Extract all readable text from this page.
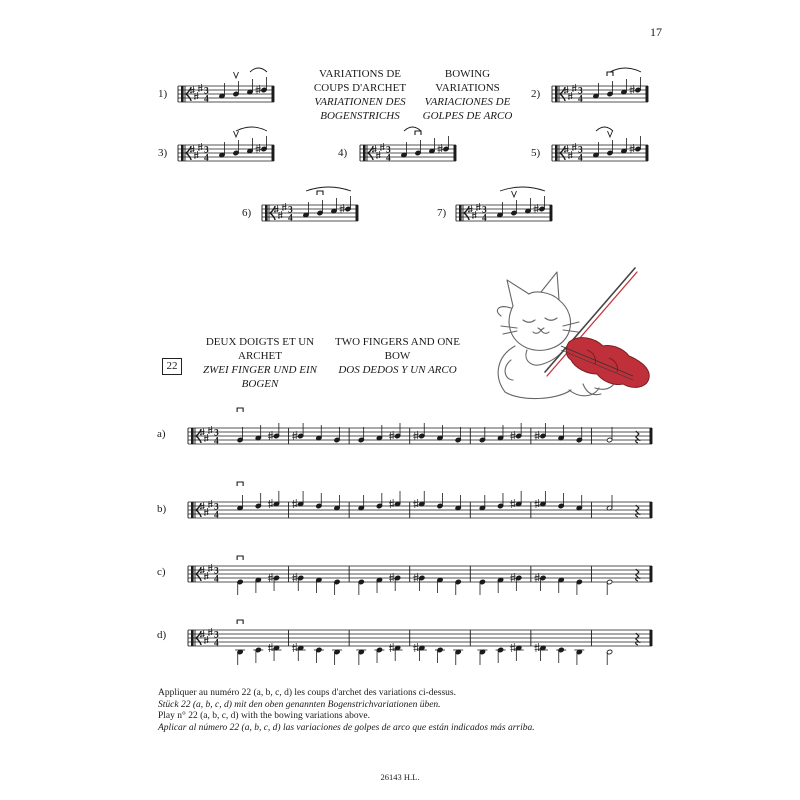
17
VARIATIONS DE COUPS D'ARCHET
VARIATIONEN DES BOGENSTRICHS
BOWING VARIATIONS
VARIACIONES DE GOLPES DE ARCO
1)	2)
3)	4)	5)
6)	7)
3
4
3
4
3
4
3
4
3
4
3
4
3
4
22
DEUX DOIGTS ET UN ARCHET
ZWEI FINGER UND EIN BOGEN
TWO FINGERS AND ONE BOW
DOS DEDOS Y UN ARCO
a)
b)
c)
d)
3
4
3
4
3
4
3
4
Appliquer au numéro 22 (a, b, c, d) les coups d'archet des variations ci-dessus.
Stück 22 (a, b, c, d) mit den oben genannten Bogenstrichvariationen üben.
Play n° 22 (a, b, c, d) with the bowing variations above.
Aplicar al número 22 (a, b, c, d) las variaciones de golpes de arco que están indicados más arriba.
26143 H.L.
